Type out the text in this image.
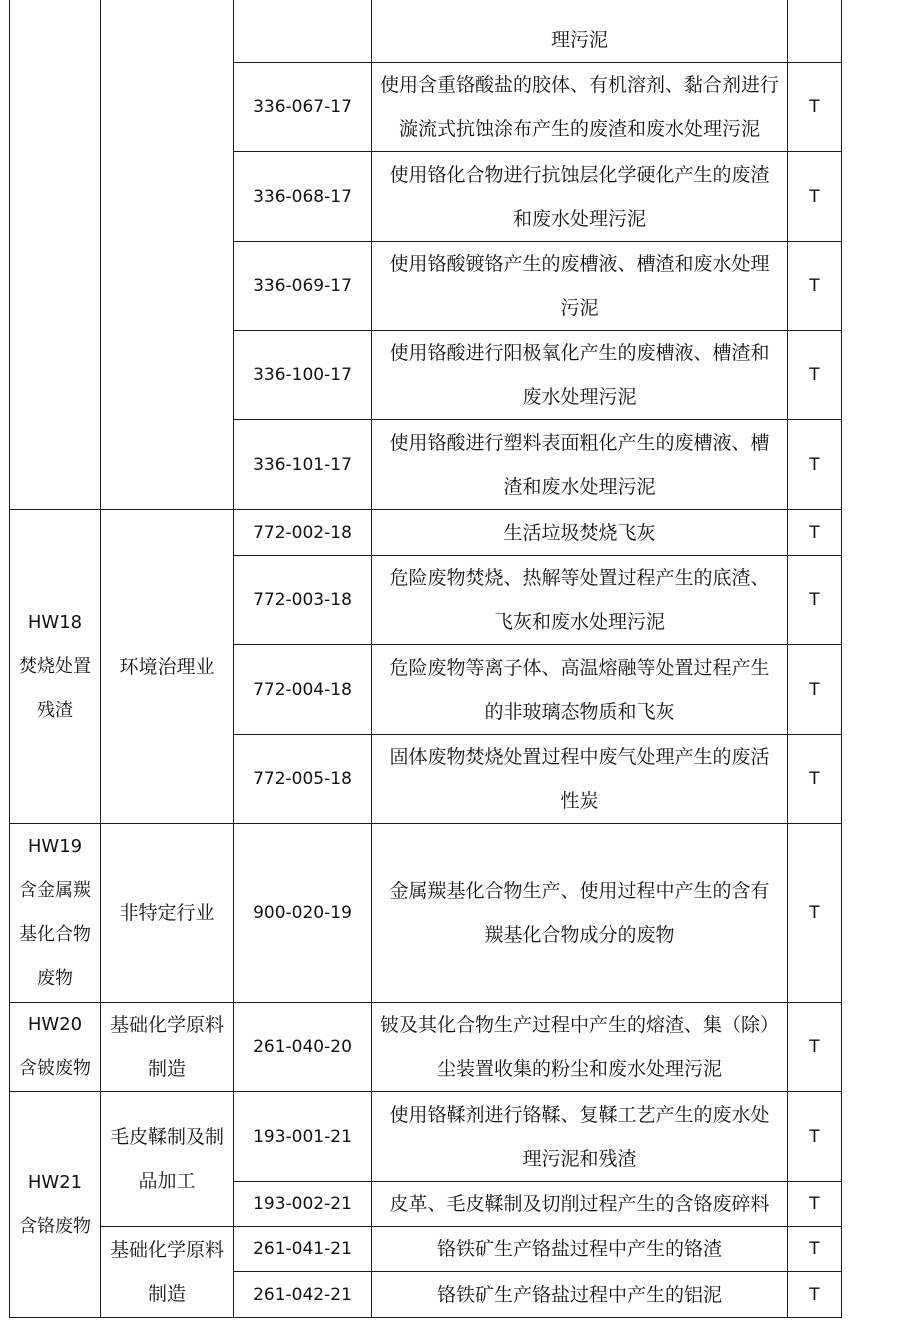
			理污泥	

		336-067-17	使用含重铬酸盐的胶体、有机溶剂、黏合剂进行
漩流式抗蚀涂布产生的废渣和废水处理污泥	T
		336-068-17	使用铬化合物进行抗蚀层化学硬化产生的废渣
和废水处理污泥	T
		336-069-17	使用铬酸镀铬产生的废槽液、槽渣和废水处理
污泥	T
		336-100-17	使用铬酸进行阳极氧化产生的废槽液、槽渣和
废水处理污泥	T
		336-101-17	使用铬酸进行塑料表面粗化产生的废槽液、槽
渣和废水处理污泥	T

HW18
焚烧处置
残渣	环境治理业	772-002-18	生活垃圾焚烧飞灰	T
		772-003-18	危险废物焚烧、热解等处置过程产生的底渣、
飞灰和废水处理污泥	T
		772-004-18	危险废物等离子体、高温熔融等处置过程产生
的非玻璃态物质和飞灰	T
		772-005-18	固体废物焚烧处置过程中废气处理产生的废活
性炭	T

HW19
含金属羰
基化合物
废物	非特定行业	900-020-19	金属羰基化合物生产、使用过程中产生的含有
羰基化合物成分的废物	T

HW20
含铍废物	基础化学原料
制造	261-040-20	铍及其化合物生产过程中产生的熔渣、集（除）
尘装置收集的粉尘和废水处理污泥	T

HW21
含铬废物	毛皮鞣制及制
品加工	193-001-21	使用铬鞣剂进行铬鞣、复鞣工艺产生的废水处
理污泥和残渣	T
		193-002-21	皮革、毛皮鞣制及切削过程产生的含铬废碎料	T

	基础化学原料
制造	261-041-21	铬铁矿生产铬盐过程中产生的铬渣	T
		261-042-21	铬铁矿生产铬盐过程中产生的铝泥	T
